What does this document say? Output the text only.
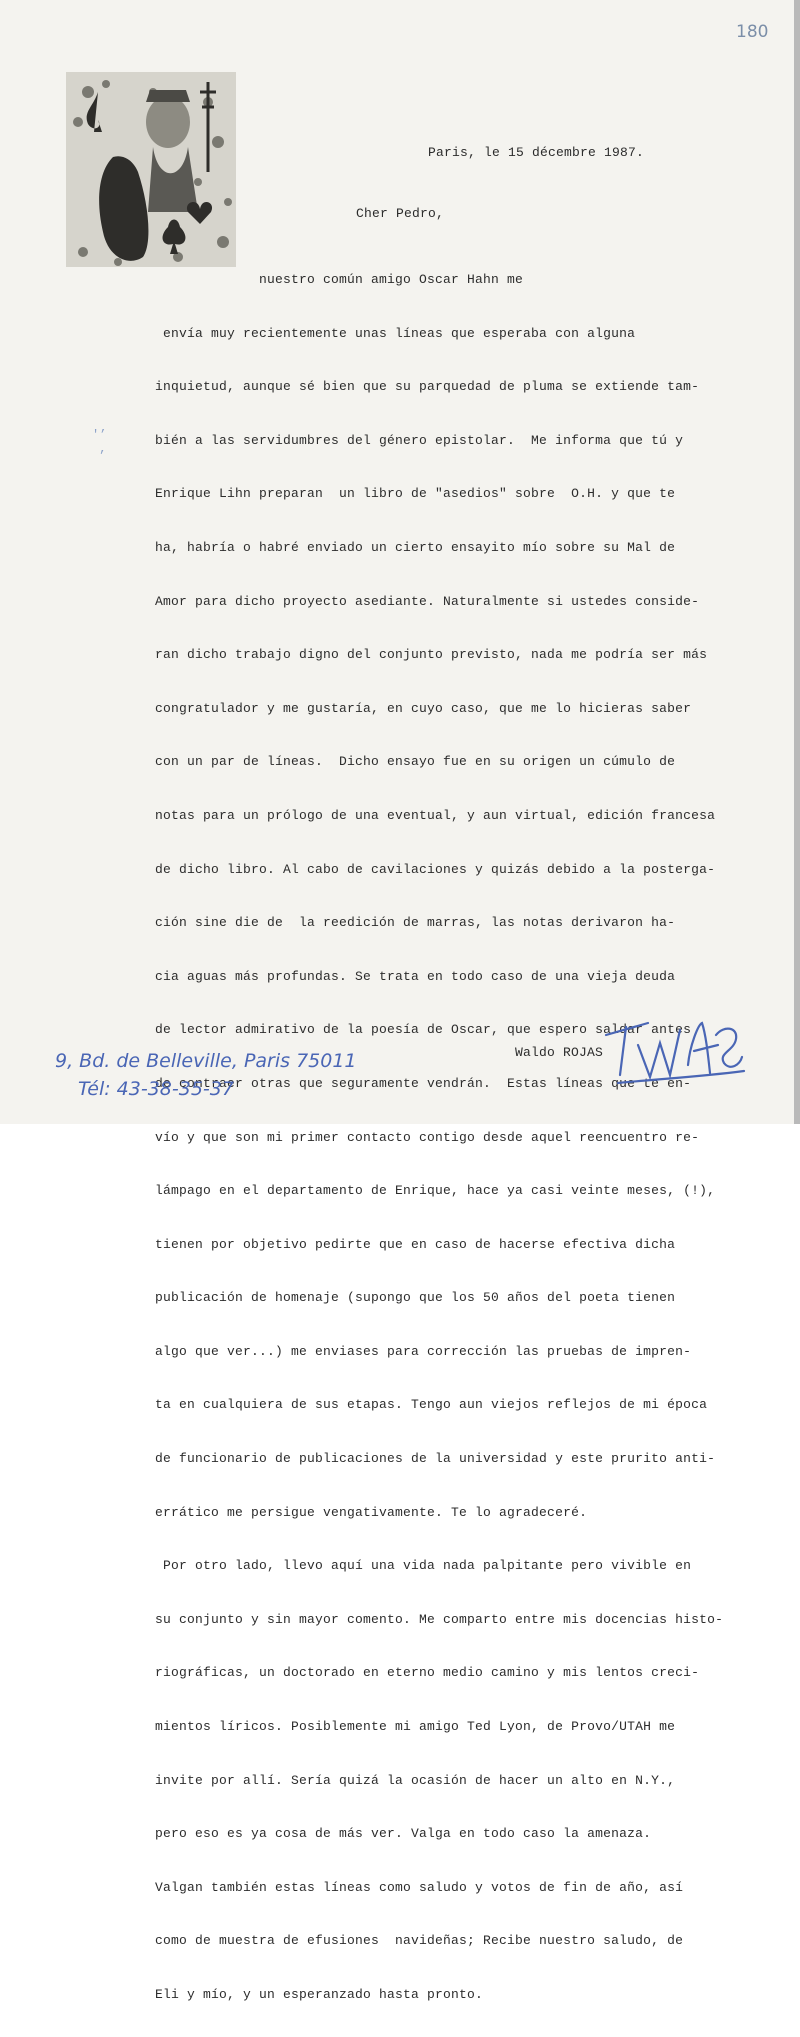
180
Paris, le 15 décembre 1987.
Cher Pedro,

nuestro común amigo Oscar Hahn me

envía muy recientemente unas líneas que esperaba con alguna

inquietud, aunque sé bien que su parquedad de pluma se extiende tam-

bién a las servidumbres del género epistolar.  Me informa que tú y

Enrique Lihn preparan  un libro de "asedios" sobre  O.H. y que te

ha, habría o habré enviado un cierto ensayito mío sobre su Mal de

Amor para dicho proyecto asediante. Naturalmente si ustedes conside-

ran dicho trabajo digno del conjunto previsto, nada me podría ser más

congratulador y me gustaría, en cuyo caso, que me lo hicieras saber

con un par de líneas.  Dicho ensayo fue en su origen un cúmulo de

notas para un prólogo de una eventual, y aun virtual, edición francesa

de dicho libro. Al cabo de cavilaciones y quizás debido a la posterga-

ción sine die de  la reedición de marras, las notas derivaron ha-

cia aguas más profundas. Se trata en todo caso de una vieja deuda

de lector admirativo de la poesía de Oscar, que espero saldar antes

de contraer otras que seguramente vendrán.  Estas líneas que te en-

vío y que son mi primer contacto contigo desde aquel reencuentro re-

lámpago en el departamento de Enrique, hace ya casi veinte meses, (!),

tienen por objetivo pedirte que en caso de hacerse efectiva dicha

publicación de homenaje (supongo que los 50 años del poeta tienen

algo que ver...) me enviases para corrección las pruebas de impren-

ta en cualquiera de sus etapas. Tengo aun viejos reflejos de mi época

de funcionario de publicaciones de la universidad y este prurito anti-

errático me persigue vengativamente. Te lo agradeceré.

Por otro lado, llevo aquí una vida nada palpitante pero vivible en

su conjunto y sin mayor comento. Me comparto entre mis docencias histo-

riográficas, un doctorado en eterno medio camino y mis lentos creci-

mientos líricos. Posiblemente mi amigo Ted Lyon, de Provo/UTAH me

invite por allí. Sería quizá la ocasión de hacer un alto en N.Y.,

pero eso es ya cosa de más ver. Valga en todo caso la amenaza.

Valgan también estas líneas como saludo y votos de fin de año, así

como de muestra de efusiones  navideñas; Recibe nuestro saludo, de

Eli y mío, y un esperanzado hasta pronto.

'’
,
Waldo ROJAS
9, Bd. de Belleville, Paris 75011
Tél: 43-38-35-37
